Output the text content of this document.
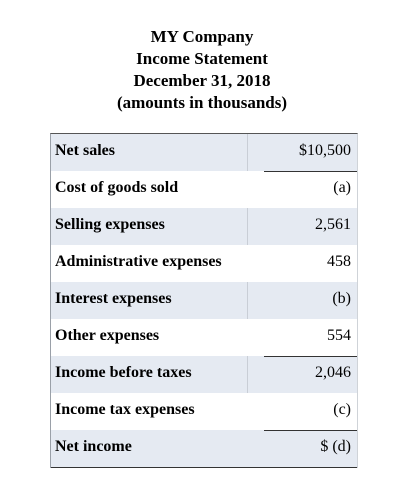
MY Company
Income Statement
December 31, 2018
(amounts in thousands)
Net sales	$10,500
Cost of goods sold	(a)
Selling expenses	2,561
Administrative expenses	458
Interest expenses	(b)
Other expenses	554
Income before taxes	2,046
Income tax expenses	(c)
Net income	$ (d)
